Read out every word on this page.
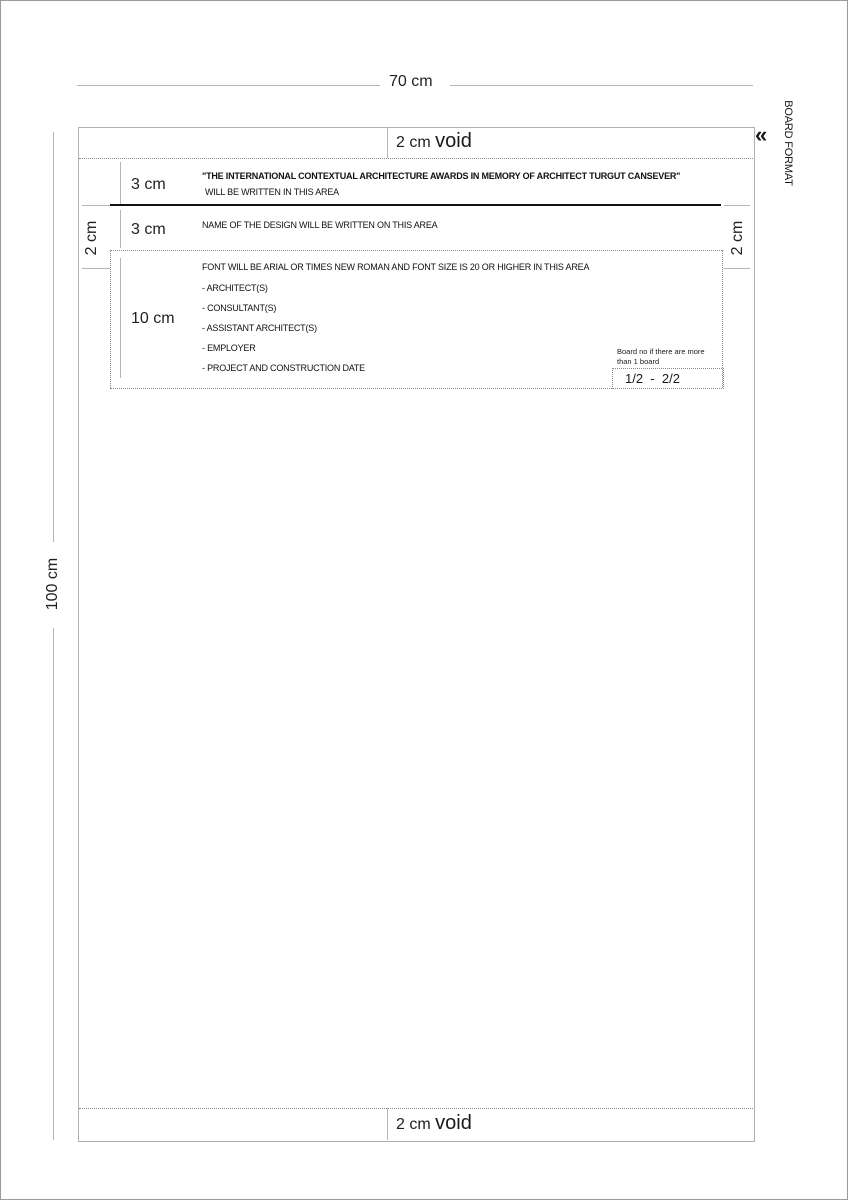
70 cm
100 cm
« BOARD FORMAT
2 cm void
2 cm void
2 cm	2 cm
3 cm	"THE INTERNATIONAL CONTEXTUAL ARCHITECTURE AWARDS IN MEMORY OF ARCHITECT TURGUT CANSEVER"
WILL BE WRITTEN IN THIS AREA
3 cm	NAME OF THE DESIGN WILL BE WRITTEN ON THIS AREA
10 cm
FONT WILL BE ARIAL OR TIMES NEW ROMAN AND FONT SIZE IS 20 OR HIGHER IN THIS AREA
- ARCHITECT(S)
- CONSULTANT(S)
- ASSISTANT ARCHITECT(S)
- EMPLOYER
- PROJECT AND CONSTRUCTION DATE
Board no if there are more
than 1 board
1/2  -  2/2
